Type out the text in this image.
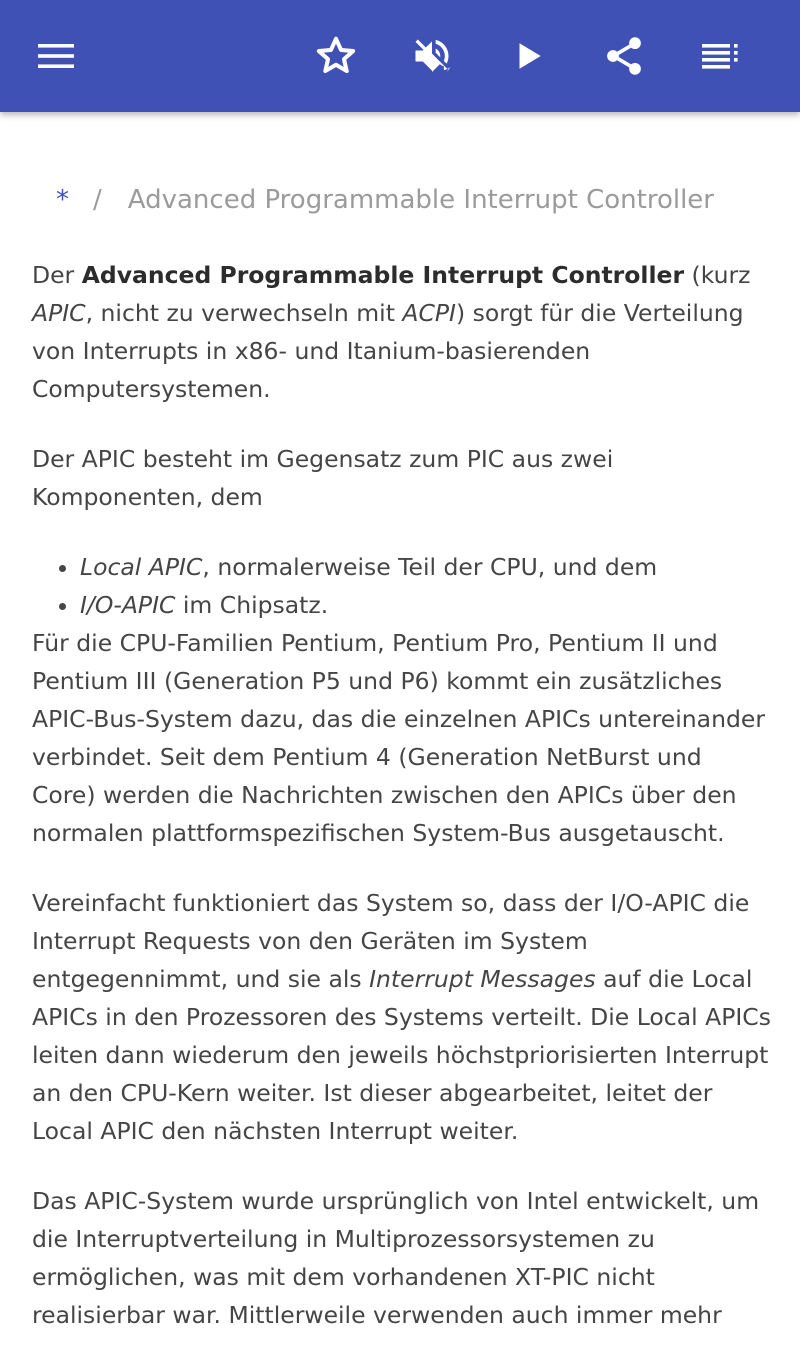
* / Advanced Programmable Interrupt Controller

Der Advanced Programmable Interrupt Controller (kurz APIC, nicht zu verwechseln mit ACPI) sorgt für die Verteilung von Interrupts in x86- und Itanium-basierenden Computersystemen.

Der APIC besteht im Gegensatz zum PIC aus zwei Komponenten, dem

• Local APIC, normalerweise Teil der CPU, und dem
• I/O-APIC im Chipsatz.

Für die CPU-Familien Pentium, Pentium Pro, Pentium II und Pentium III (Generation P5 und P6) kommt ein zusätzliches APIC-Bus-System dazu, das die einzelnen APICs untereinander verbindet. Seit dem Pentium 4 (Generation NetBurst und Core) werden die Nachrichten zwischen den APICs über den normalen plattformspezifischen System-Bus ausgetauscht.

Vereinfacht funktioniert das System so, dass der I/O-APIC die Interrupt Requests von den Geräten im System entgegennimmt, und sie als Interrupt Messages auf die Local APICs in den Prozessoren des Systems verteilt. Die Local APICs leiten dann wiederum den jeweils höchstpriorisierten Interrupt an den CPU-Kern weiter. Ist dieser abgearbeitet, leitet der Local APIC den nächsten Interrupt weiter.

Das APIC-System wurde ursprünglich von Intel entwickelt, um die Interruptverteilung in Multiprozessorsystemen zu ermöglichen, was mit dem vorhandenen XT-PIC nicht realisierbar war. Mittlerweile verwenden auch immer mehr
